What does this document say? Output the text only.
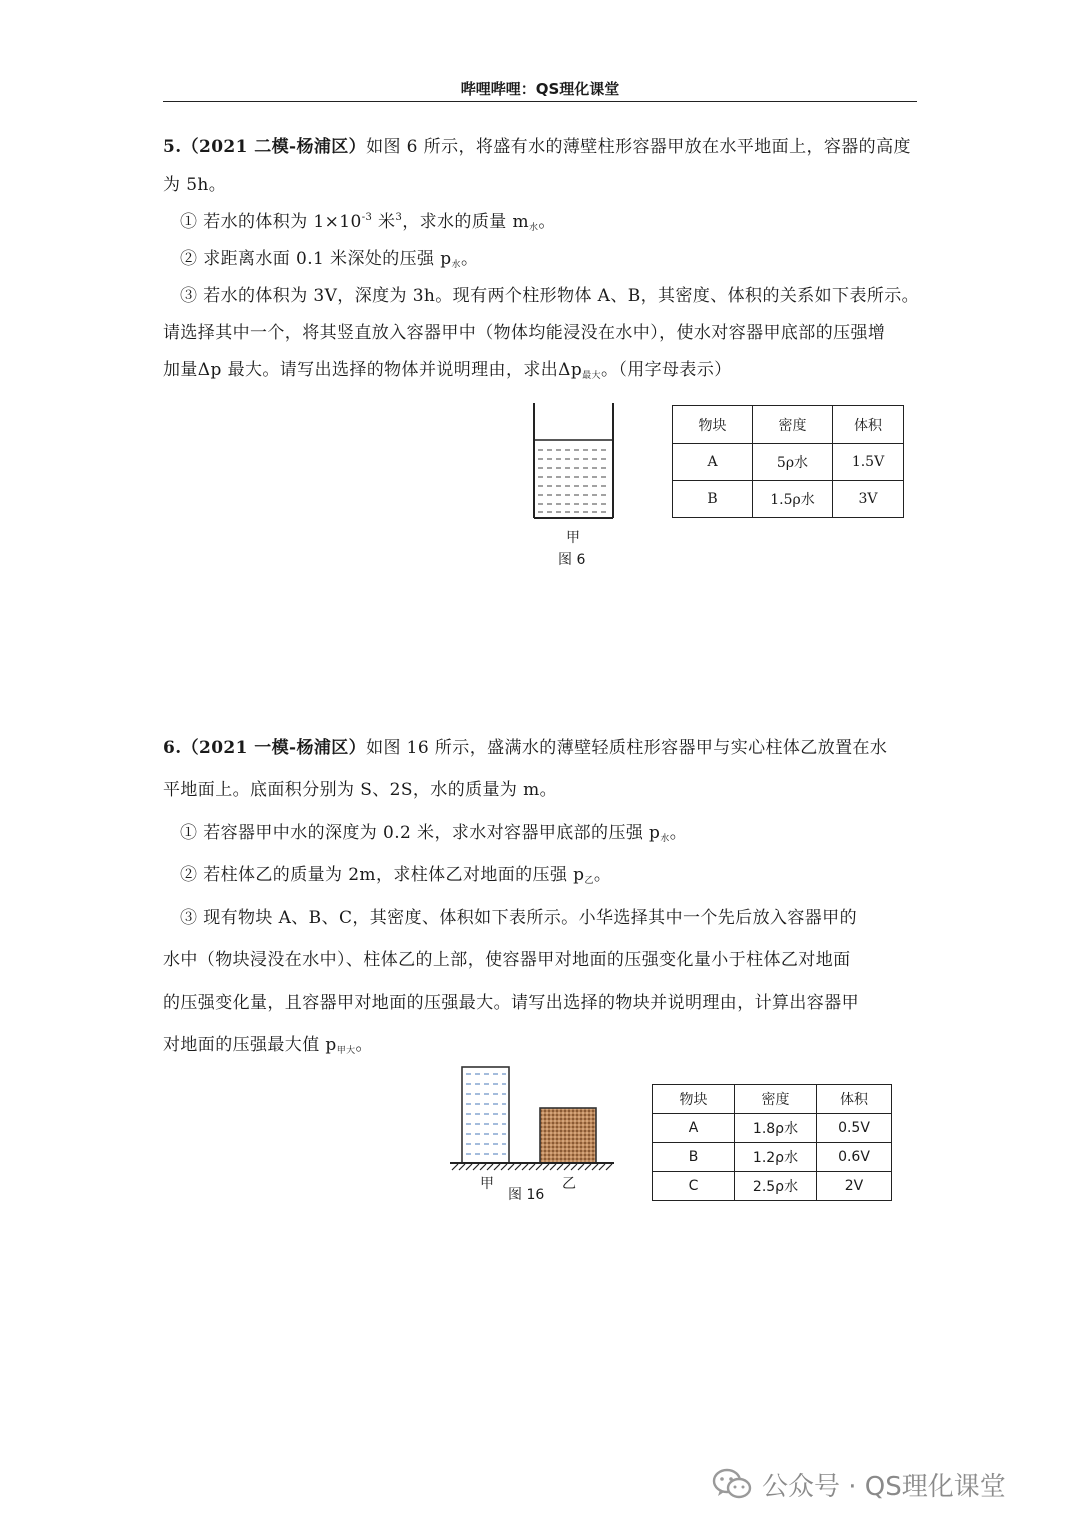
哔哩哔哩：QS理化课堂
5.（2021 二模-杨浦区）如图 6 所示，将盛有水的薄壁柱形容器甲放在水平地面上，容器的高度
为 5h。
① 若水的体积为 $1\times 10^{-3}$ 米$^3$，求水的质量 $m_水$。
② 求距离水面 0.1 米深处的压强 $p_水$。
③ 若水的体积为 3V，深度为 3h。现有两个柱形物体 A、B，其密度、体积的关系如下表所示。
请选择其中一个，将其竖直放入容器甲中（物体均能浸没在水中），使水对容器甲底部的压强增
加量Δp 最大。请写出选择的物体并说明理由，求出$\Delta p_{最大}$。（用字母表示）
甲
图 6
物块	密度	体积
A	5ρ水	1.5V
B	1.5ρ水	3V
6.（2021 一模-杨浦区）如图 16 所示，盛满水的薄壁轻质柱形容器甲与实心柱体乙放置在水
平地面上。底面积分别为 S、2S，水的质量为 m。
① 若容器甲中水的深度为 0.2 米，求水对容器甲底部的压强 $p_水$。
② 若柱体乙的质量为 2m，求柱体乙对地面的压强 $p_乙$。
③ 现有物块 A、B、C，其密度、体积如下表所示。小华选择其中一个先后放入容器甲的
水中（物块浸没在水中）、柱体乙的上部，使容器甲对地面的压强变化量小于柱体乙对地面
的压强变化量，且容器甲对地面的压强最大。请写出选择的物块并说明理由，计算出容器甲
对地面的压强最大值 $p_{甲大}$。
甲
图 16
乙
物块	密度	体积
A	1.8ρ水	0.5V
B	1.2ρ水	0.6V
C	2.5ρ水	2V
公众号 · QS理化课堂
